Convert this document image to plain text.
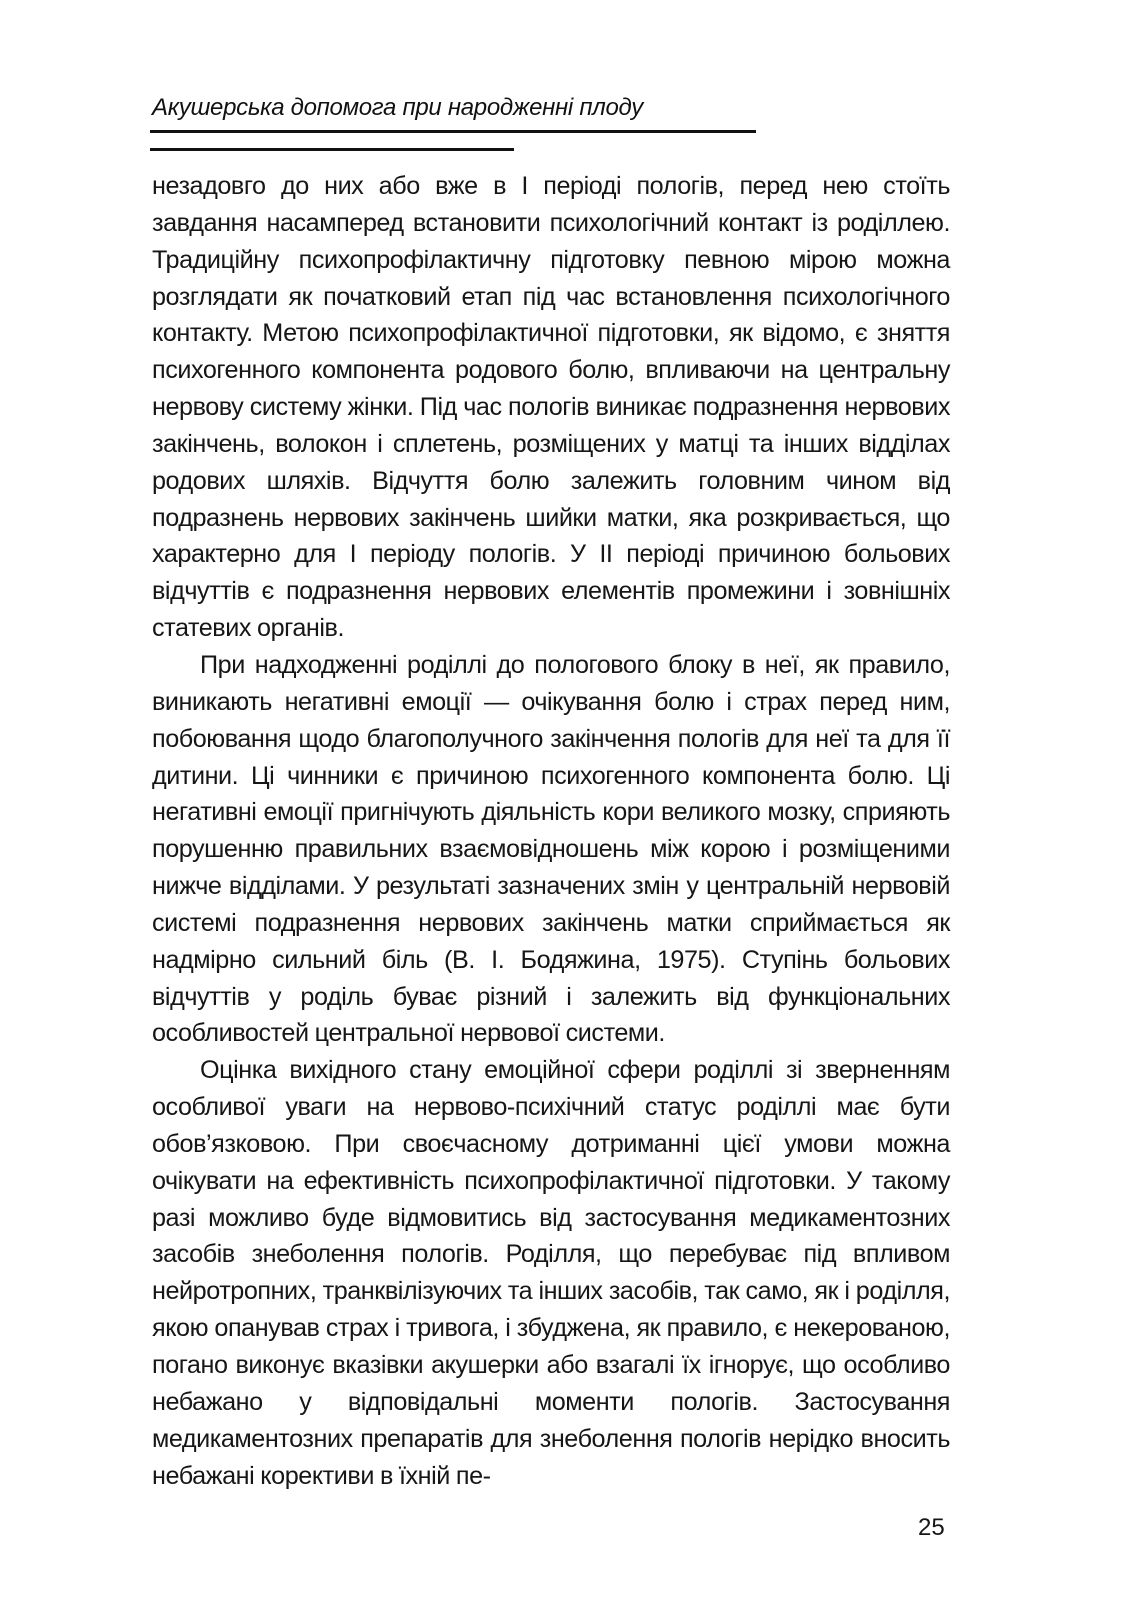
Акушерська допомога при народженні плоду

незадовго до них або вже в І періоді пологів, перед нею стоїть завдання насамперед встановити психологічний контакт із роділлею. Традиційну психопрофілактичну підготовку певною мірою можна розглядати як початковий етап під час встановлення психологічного контакту. Метою психопрофілактичної підготовки, як відомо, є зняття психогенного компонента родового болю, впливаючи на центральну нервову систему жінки. Під час пологів виникає подразнення нервових закінчень, волокон і сплетень, розміщених у матці та інших відділах родових шляхів. Відчуття болю залежить головним чином від подразнень нервових закінчень шийки матки, яка розкривається, що характерно для І періоду пологів. У ІІ періоді причиною больових відчуттів є подразнення нервових елементів промежини і зовнішніх статевих органів.

При надходженні роділлі до пологового блоку в неї, як правило, виникають негативні емоції — очікування болю і страх перед ним, побоювання щодо благополучного закінчення пологів для неї та для її дитини. Ці чинники є причиною психогенного компонента болю. Ці негативні емоції пригнічують діяльність кори великого мозку, сприяють порушенню правильних взаємовідношень між корою і розміщеними нижче відділами. У результаті зазначених змін у центральній нервовій системі подразнення нервових закінчень матки сприймається як надмірно сильний біль (В. І. Бодяжина, 1975). Ступінь больових відчуттів у роділь буває різний і залежить від функціональних особливостей центральної нервової системи.

Оцінка вихідного стану емоційної сфери роділлі зі зверненням особливої уваги на нервово-психічний статус роділлі має бути обов’язковою. При своєчасному дотриманні цієї умови можна очікувати на ефективність психопрофілактичної підготовки. У такому разі можливо буде відмовитись від застосування медикаментозних засобів знеболення пологів. Роділля, що перебуває під впливом нейротропних, транквілізуючих та інших засобів, так само, як і роділля, якою опанував страх і тривога, і збуджена, як правило, є некерованою, погано виконує вказівки акушерки або взагалі їх ігнорує, що особливо небажано у відповідальні моменти пологів. Застосування медикаментозних препаратів для знеболення пологів нерідко вносить небажані корективи в їхній пе-

25
